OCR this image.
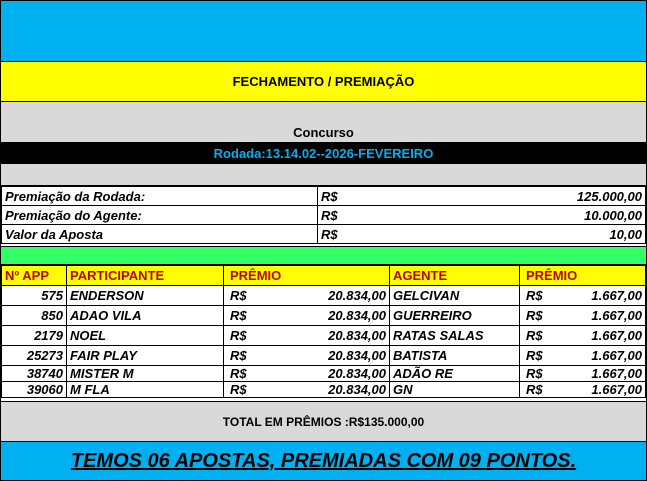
FECHAMENTO / PREMIAÇÃO
Concurso
Rodada:13.14.02--2026-FEVEREIRO
Premiação da Rodada:	R$	125.000,00
Premiação do Agente:	R$	10.000,00
Valor da Aposta	R$	10,00
Nº APP	PARTICIPANTE	PRÊMIO		AGENTE	PRÊMIO	
575	ENDERSON	R$	20.834,00	GELCIVAN	R$	1.667,00
850	ADAO VILA	R$	20.834,00	GUERREIRO	R$	1.667,00
2179	NOEL	R$	20.834,00	RATAS SALAS	R$	1.667,00
25273	FAIR PLAY	R$	20.834,00	BATISTA	R$	1.667,00
38740	MISTER M	R$	20.834,00	ADÃO RE	R$	1.667,00
39060	M FLA	R$	20.834,00	GN	R$	1.667,00
TOTAL EM PRÊMIOS :R$135.000,00
TEMOS 06 APOSTAS, PREMIADAS COM 09 PONTOS.
